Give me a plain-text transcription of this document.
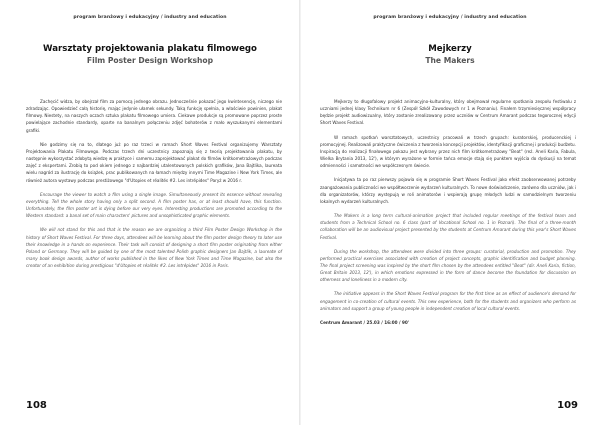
program branżowy i edukacyjny / industry and education
Warsztaty projektowania plakatu filmowego
Film Poster Design Workshop

Zachęcić widza, by obejrzał film za pomocą jednego obrazu. Jednocześnie pokazać jego kwintesencję, niczego nie zdradzając. Opowiedzieć całą historię, mając jedynie ułamek sekundy. Taką funkcję spełnia, a właściwie powinien, plakat filmowy. Niestety, na naszych oczach sztuka plakatu filmowego umiera. Ciekawe produkcje są promowane poprzez proste powielające zachodnie standardy, oparte na banalnym połączeniu zdjęć bohaterów z mało wyszukanymi elementami grafiki.

Nie godzimy się na to, dlatego już po raz trzeci w ramach Short Waves Festival organizujemy Warsztaty Projektowania Plakatu Filmowego. Podczas trzech dni uczestnicy zapoznają się z teorią projektowania plakatu, by następnie wykorzystać zdobytą wiedzę w praktyce i samemu zaprojektować plakat do filmów krótkometrażowych podczas zajęć z ekspertami. Zrobią to pod okiem jednego z najbardziej utalentowanych polskich grafików, Jana Bajtlika, laureata wielu nagród za ilustrację do książek, prac publikowanych na łamach między innymi Time Magazine i New York Times, ale również autora wystawy podczas prestiżowego "d'Utopies et réalités #2. Les intrépides" Paryż w 2016 r.

Encourage the viewer to watch a film using a single image. Simultaneously present its essence without revealing everything. Tell the whole story having only a split second. A film poster has, or at least should have, this function. Unfortunately, the film poster art is dying before our very eyes. Interesting productions are promoted according to the Western standard: a banal set of main characters' pictures and unsophisticated graphic elements.

We will not stand for this and that is the reason we are organizing a third Film Poster Design Workshop in the history of Short Waves Festival. For three days, attendees will be learning about the film poster design theory to later use their knowledge in a hands on experience. Their task will consist of designing a short film poster originating from either Poland or Germany. They will be guided by one of the most talented Polish graphic designers Jan Bajtlik, a laureate of many book design awards, author of works published in the likes of New York Times and Time Magazine, but also the creator of an exhibition during prestigious "d'Utopies et réalités #2. Les intrépides" 2016 in Paris.

108
program branżowy i edukacyjny / industry and education
Mejkerzy
The Makers

Mejkerzy to długofalowy projekt animacyjno-kulturalny, który obejmował regularne spotkania zespołu festiwalu z uczniami jednej klasy Technikum nr 6 (Zespół Szkół Zawodowych nr 1 w Poznaniu). Finałem trzymiesięcznej współpracy będzie projekt audiowizualny, który zostanie zrealizowany przez uczniów w Centrum Amarant podczas tegorocznej edycji Short Waves Festival.

W ramach spotkań warsztatowych, uczestnicy pracowali w trzech grupach: kuratorskiej, producenckiej i promocyjnej. Realizowali praktyczne ćwiczenia z tworzenia koncepcji projektów, identyfikacji graficznej i produkcji budżetu. Inspiracją do realizacji finałowego pokazu jest wybrany przez nich film krótkometrażowy "Beat" (reż. Aneli Karia, Fabula, Wielka Brytania 2013, 12'), w którym wyrażone w formie tańca emocje stają się punktem wyjścia do dyskusji na temat odmienności i samotności we współczesnym świecie.

Inicjatywa ta po raz pierwszy pojawia się w programie Short Waves Festival jako efekt zaobserwowanej potrzeby zaangażowania publiczności we współtworzenie wydarzeń kulturalnych. To nowe doświadczenie, zarówno dla uczniów, jak i dla organizatorów, którzy występują w roli animatorów i wspierają grupę młodych ludzi w samodzielnym tworzeniu lokalnych wydarzeń kulturalnych.

The Makers is a long term cultural-animation project that included regular meetings of the festival team and students from a Technical School no. 6 class (part of Vocational School no. 1 in Poznań). The final of a three-month collaboration will be an audiovisual project presented by the students at Centrum Amarant during this year's Short Waves Festival.

During the workshop, the attendees were divided into three groups: curatorial, production and promotion. They performed practical exercises associated with creation of project concepts, graphic identification and budget planning. The final project screening was inspired by the short film chosen by the attendees entitled "Beat" (dir. Aneli Karia, fiction, Great Britain 2013, 12'), in which emotions expressed in the form of dance become the foundation for discussion on otherness and loneliness in a modern city.

The initiative appears in the Short Waves Festival program for the first time as an effect of audience's demand for engagement in co-creation of cultural events. This new experience, both for the students and organizers who perform as animators and support a group of young people in independent creation of local cultural events.

Centrum Amarant / 25.03 / 16:00 / 90'

109
